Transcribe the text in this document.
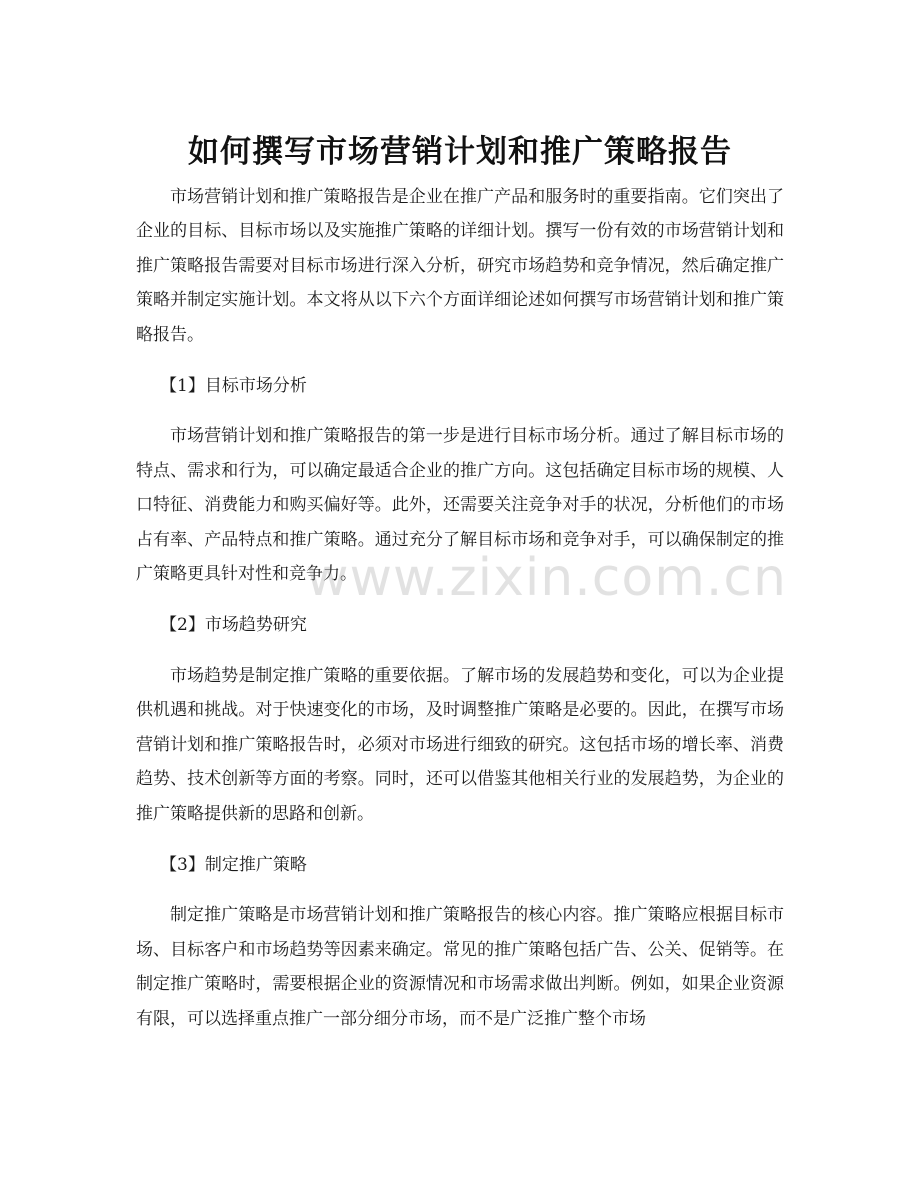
如何撰写市场营销计划和推广策略报告

市场营销计划和推广策略报告是企业在推广产品和服务时的重要指南。它们突出了企业的目标、目标市场以及实施推广策略的详细计划。撰写一份有效的市场营销计划和推广策略报告需要对目标市场进行深入分析，研究市场趋势和竞争情况，然后确定推广策略并制定实施计划。本文将从以下六个方面详细论述如何撰写市场营销计划和推广策略报告。

【1】目标市场分析

市场营销计划和推广策略报告的第一步是进行目标市场分析。通过了解目标市场的特点、需求和行为，可以确定最适合企业的推广方向。这包括确定目标市场的规模、人口特征、消费能力和购买偏好等。此外，还需要关注竞争对手的状况，分析他们的市场占有率、产品特点和推广策略。通过充分了解目标市场和竞争对手，可以确保制定的推广策略更具针对性和竞争力。

【2】市场趋势研究

市场趋势是制定推广策略的重要依据。了解市场的发展趋势和变化，可以为企业提供机遇和挑战。对于快速变化的市场，及时调整推广策略是必要的。因此，在撰写市场营销计划和推广策略报告时，必须对市场进行细致的研究。这包括市场的增长率、消费趋势、技术创新等方面的考察。同时，还可以借鉴其他相关行业的发展趋势，为企业的推广策略提供新的思路和创新。

【3】制定推广策略

制定推广策略是市场营销计划和推广策略报告的核心内容。推广策略应根据目标市场、目标客户和市场趋势等因素来确定。常见的推广策略包括广告、公关、促销等。在制定推广策略时，需要根据企业的资源情况和市场需求做出判断。例如，如果企业资源有限，可以选择重点推广一部分细分市场，而不是广泛推广整个市场

www.zixin.com.cn
